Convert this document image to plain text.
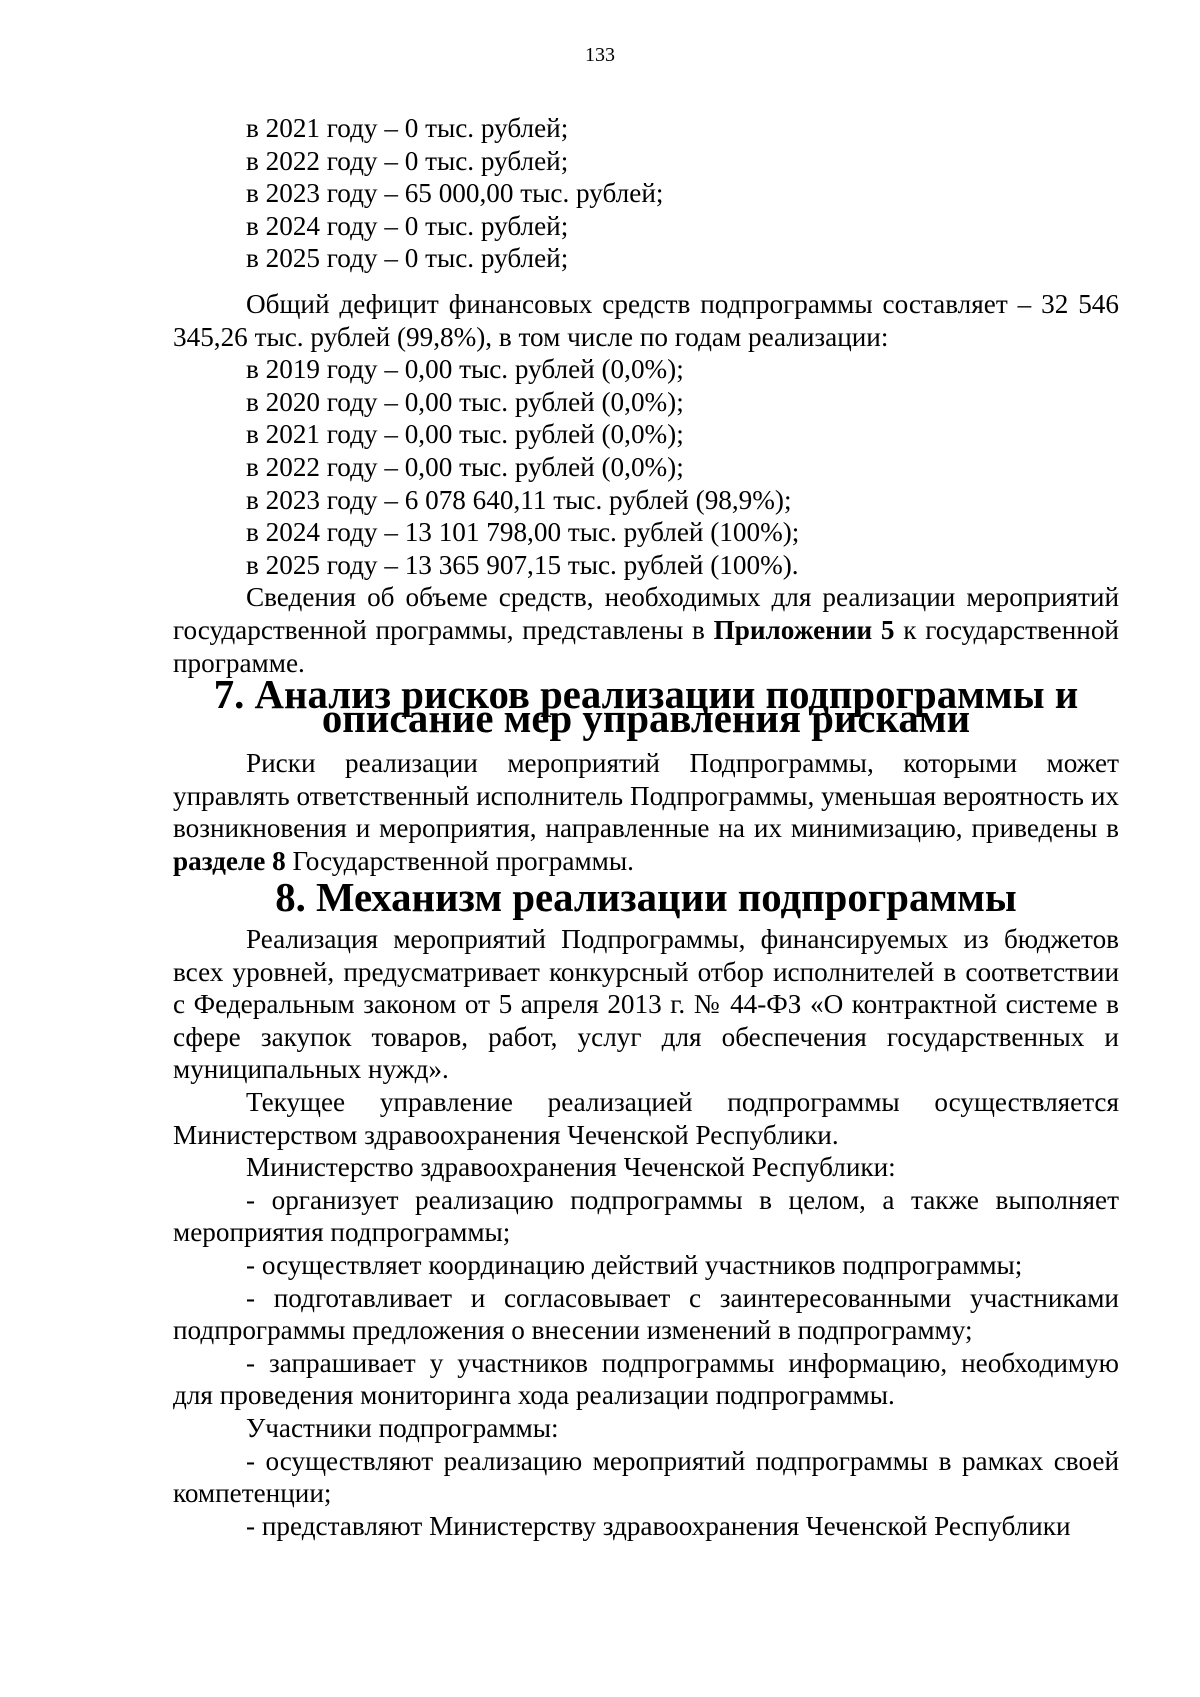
133

в 2021 году – 0 тыс. рублей;

в 2022 году – 0 тыс. рублей;

в 2023 году – 65 000,00 тыс. рублей;

в 2024 году – 0 тыс. рублей;

в 2025 году – 0 тыс. рублей;

Общий дефицит финансовых средств подпрограммы составляет – 32 546 345,26 тыс. рублей (99,8%), в том числе по годам реализации:

в 2019 году – 0,00 тыс. рублей (0,0%);

в 2020 году – 0,00 тыс. рублей (0,0%);

в 2021 году – 0,00 тыс. рублей (0,0%);

в 2022 году – 0,00 тыс. рублей (0,0%);

в 2023 году – 6 078 640,11 тыс. рублей (98,9%);

в 2024 году – 13 101 798,00 тыс. рублей (100%);

в 2025 году – 13 365 907,15 тыс. рублей (100%).

Сведения об объеме средств, необходимых для реализации мероприятий государственной программы, представлены в Приложении 5 к государственной программе.

7. Анализ рисков реализации подпрограммы и описание мер управления рисками

Риски реализации мероприятий Подпрограммы, которыми может управлять ответственный исполнитель Подпрограммы, уменьшая вероятность их возникновения и мероприятия, направленные на их минимизацию, приведены в разделе 8 Государственной программы.

8. Механизм реализации подпрограммы

Реализация мероприятий Подпрограммы, финансируемых из бюджетов всех уровней, предусматривает конкурсный отбор исполнителей в соответствии с Федеральным законом от 5 апреля 2013 г. № 44-ФЗ «О контрактной системе в сфере закупок товаров, работ, услуг для обеспечения государственных и муниципальных нужд».

Текущее управление реализацией подпрограммы осуществляется Министерством здравоохранения Чеченской Республики.

Министерство здравоохранения Чеченской Республики:

- организует реализацию подпрограммы в целом, а также выполняет мероприятия подпрограммы;

- осуществляет координацию действий участников подпрограммы;

- подготавливает и согласовывает с заинтересованными участниками подпрограммы предложения о внесении изменений в подпрограмму;

- запрашивает у участников подпрограммы информацию, необходимую для проведения мониторинга хода реализации подпрограммы.

Участники подпрограммы:

- осуществляют реализацию мероприятий подпрограммы в рамках своей компетенции;

- представляют Министерству здравоохранения Чеченской Республики
